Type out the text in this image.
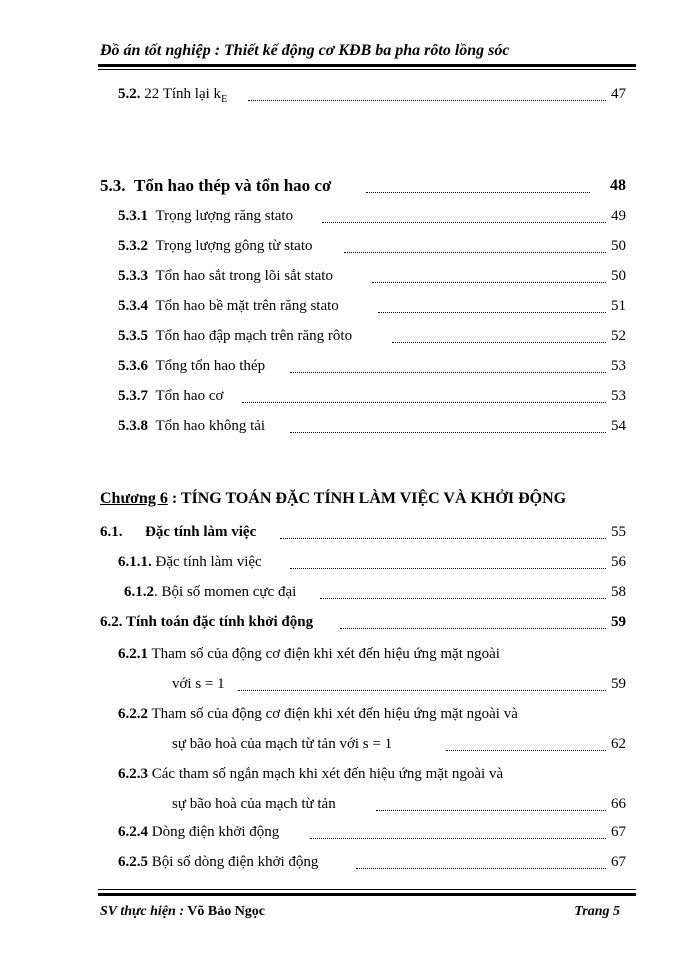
Đồ án tốt nghiệp : Thiết kế động cơ KĐB ba pha rôto lồng sóc
5.2. 22 Tính lại $k_E$	47
5.3. Tổn hao thép và tổn hao cơ	48
5.3.1 Trọng lượng răng stato	49
5.3.2 Trọng lượng gông từ stato	50
5.3.3 Tổn hao sắt trong lõi sắt stato	50
5.3.4 Tổn hao bề mặt trên răng stato	51
5.3.5 Tổn hao đập mạch trên răng rôto	52
5.3.6 Tổng tổn hao thép	53
5.3.7 Tổn hao cơ	53
5.3.8 Tổn hao không tải	54
Chương 6 : TÍNG TOÁN ĐẶC TÍNH LÀM VIỆC VÀ KHỞI ĐỘNG
6.1. Đặc tính làm việc	55
6.1.1. Đặc tính làm việc	56
6.1.2. Bội số momen cực đại	58
6.2. Tính toán đặc tính khởi động	59
6.2.1 Tham số của động cơ điện khi xét đến hiệu ứng mặt ngoài
với s = 1	59
6.2.2 Tham số của động cơ điện khi xét đến hiệu ứng mặt ngoài và
sự bão hoà của mạch từ tản với s = 1	62
6.2.3 Các tham số ngắn mạch khi xét đến hiệu ứng mặt ngoài và
sự bão hoà của mạch từ tản	66
6.2.4 Dòng điện khởi động	67
6.2.5 Bội số dòng điện khởi động	67
SV thực hiện : Võ Bảo Ngọc	Trang 5
